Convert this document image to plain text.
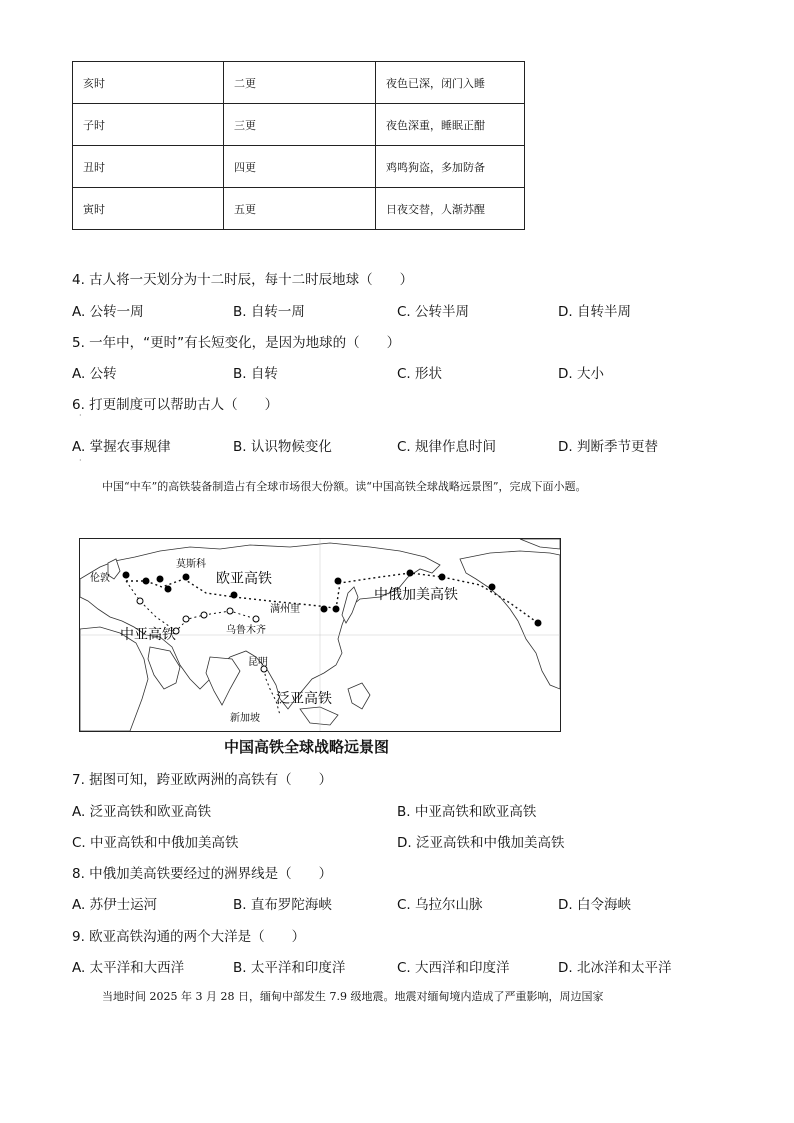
亥时	二更	夜色已深，闭门入睡
子时	三更	夜色深重，睡眠正酣
丑时	四更	鸡鸣狗盗，多加防备
寅时	五更	日夜交替，人渐苏醒
4. 古人将一天划分为十二时辰，每十二时辰地球（　　）
A. 公转一周	B. 自转一周	C. 公转半周	D. 自转半周
5. 一年中，“更时”有长短变化，是因为地球的（　　）
A. 公转	B. 自转	C. 形状	D. 大小
6. 打更制度可以帮助古人（　　）
·
A. 掌握农事规律	B. 认识物候变化	C. 规律作息时间	D. 判断季节更替
·
中国“中车”的高铁装备制造占有全球市场很大份额。读“中国高铁全球战略远景图”，完成下面小题。
莫斯科
伦敦	欧亚高铁
中俄加美高铁
满州里
中亚高铁	乌鲁木齐
昆明
泛亚高铁
新加坡
中国高铁全球战略远景图
7. 据图可知，跨亚欧两洲的高铁有（　　）
A. 泛亚高铁和欧亚高铁	B. 中亚高铁和欧亚高铁
C. 中亚高铁和中俄加美高铁	D. 泛亚高铁和中俄加美高铁
8. 中俄加美高铁要经过的洲界线是（　　）
A. 苏伊士运河	B. 直布罗陀海峡	C. 乌拉尔山脉	D. 白令海峡
9. 欧亚高铁沟通的两个大洋是（　　）
A. 太平洋和大西洋	B. 太平洋和印度洋	C. 大西洋和印度洋	D. 北冰洋和太平洋
当地时间 2025 年 3 月 28 日，缅甸中部发生 7.9 级地震。地震对缅甸境内造成了严重影响，周边国家
